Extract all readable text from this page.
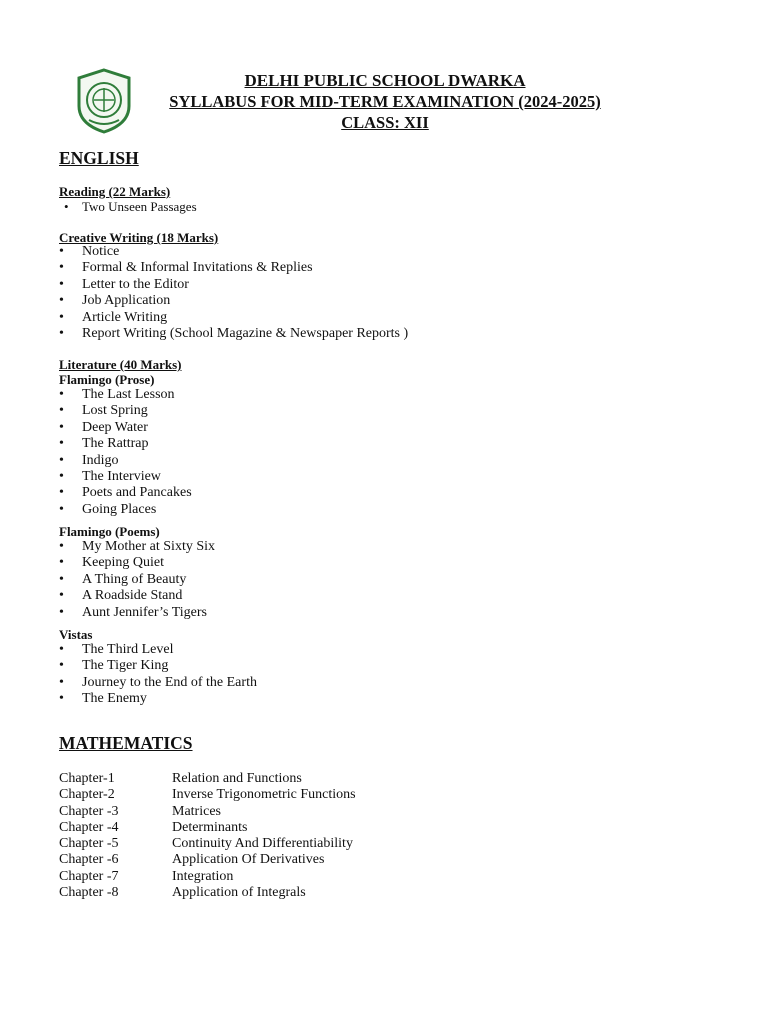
DELHI PUBLIC SCHOOL DWARKA
SYLLABUS FOR MID-TERM EXAMINATION (2024-2025)
CLASS: XII
ENGLISH
Reading (22 Marks)
• Two Unseen Passages
Creative Writing (18 Marks)
• Notice
• Formal & Informal Invitations & Replies
• Letter to the Editor
• Job Application
• Article Writing
• Report Writing (School Magazine & Newspaper Reports )
Literature (40 Marks)
Flamingo (Prose)
• The Last Lesson
• Lost Spring
• Deep Water
• The Rattrap
• Indigo
• The Interview
• Poets and Pancakes
• Going Places
Flamingo (Poems)
• My Mother at Sixty Six
• Keeping Quiet
• A Thing of Beauty
• A Roadside Stand
• Aunt Jennifer’s Tigers
Vistas
• The Third Level
• The Tiger King
• Journey to the End of the Earth
• The Enemy
MATHEMATICS
Chapter-1	Relation and Functions
Chapter-2	Inverse Trigonometric Functions
Chapter -3	Matrices
Chapter -4	Determinants
Chapter -5	Continuity And Differentiability
Chapter -6	Application Of Derivatives
Chapter -7	Integration
Chapter -8	Application of Integrals
